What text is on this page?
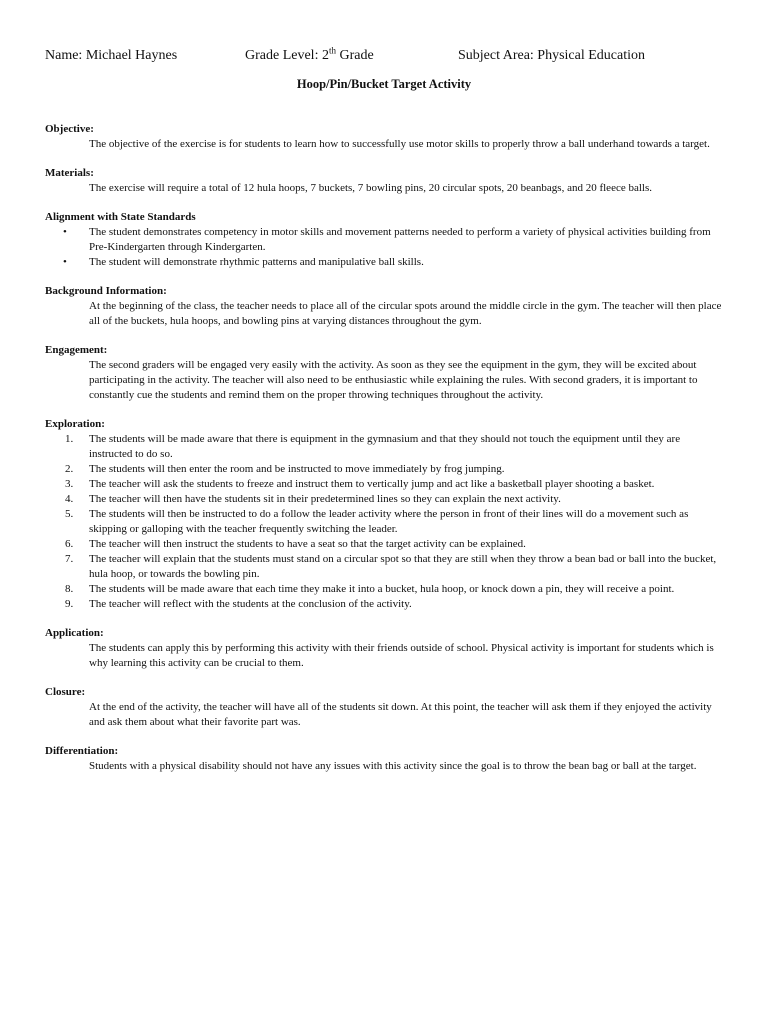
Name: Michael Haynes	Grade Level: 2th Grade	Subject Area: Physical Education
Hoop/Pin/Bucket Target Activity

Objective:

The objective of the exercise is for students to learn how to successfully use motor skills to properly throw a ball underhand towards a target.

Materials:

The exercise will require a total of 12 hula hoops, 7 buckets, 7 bowling pins, 20 circular spots, 20 beanbags, and 20 fleece balls.

Alignment with State Standards

• The student demonstrates competency in motor skills and movement patterns needed to perform a variety of physical activities building from Pre-Kindergarten through Kindergarten.
• The student will demonstrate rhythmic patterns and manipulative ball skills.

Background Information:

At the beginning of the class, the teacher needs to place all of the circular spots around the middle circle in the gym. The teacher will then place all of the buckets, hula hoops, and bowling pins at varying distances throughout the gym.

Engagement:

The second graders will be engaged very easily with the activity. As soon as they see the equipment in the gym, they will be excited about participating in the activity. The teacher will also need to be enthusiastic while explaining the rules. With second graders, it is important to constantly cue the students and remind them on the proper throwing techniques throughout the activity.

Exploration:

1. The students will be made aware that there is equipment in the gymnasium and that they should not touch the equipment until they are instructed to do so.
2. The students will then enter the room and be instructed to move immediately by frog jumping.
3. The teacher will ask the students to freeze and instruct them to vertically jump and act like a basketball player shooting a basket.
4. The teacher will then have the students sit in their predetermined lines so they can explain the next activity.
5. The students will then be instructed to do a follow the leader activity where the person in front of their lines will do a movement such as skipping or galloping with the teacher frequently switching the leader.
6. The teacher will then instruct the students to have a seat so that the target activity can be explained.
7. The teacher will explain that the students must stand on a circular spot so that they are still when they throw a bean bad or ball into the bucket, hula hoop, or towards the bowling pin.
8. The students will be made aware that each time they make it into a bucket, hula hoop, or knock down a pin, they will receive a point.
9. The teacher will reflect with the students at the conclusion of the activity.

Application:

The students can apply this by performing this activity with their friends outside of school. Physical activity is important for students which is why learning this activity can be crucial to them.

Closure:

At the end of the activity, the teacher will have all of the students sit down. At this point, the teacher will ask them if they enjoyed the activity and ask them about what their favorite part was.

Differentiation:

Students with a physical disability should not have any issues with this activity since the goal is to throw the bean bag or ball at the target.
